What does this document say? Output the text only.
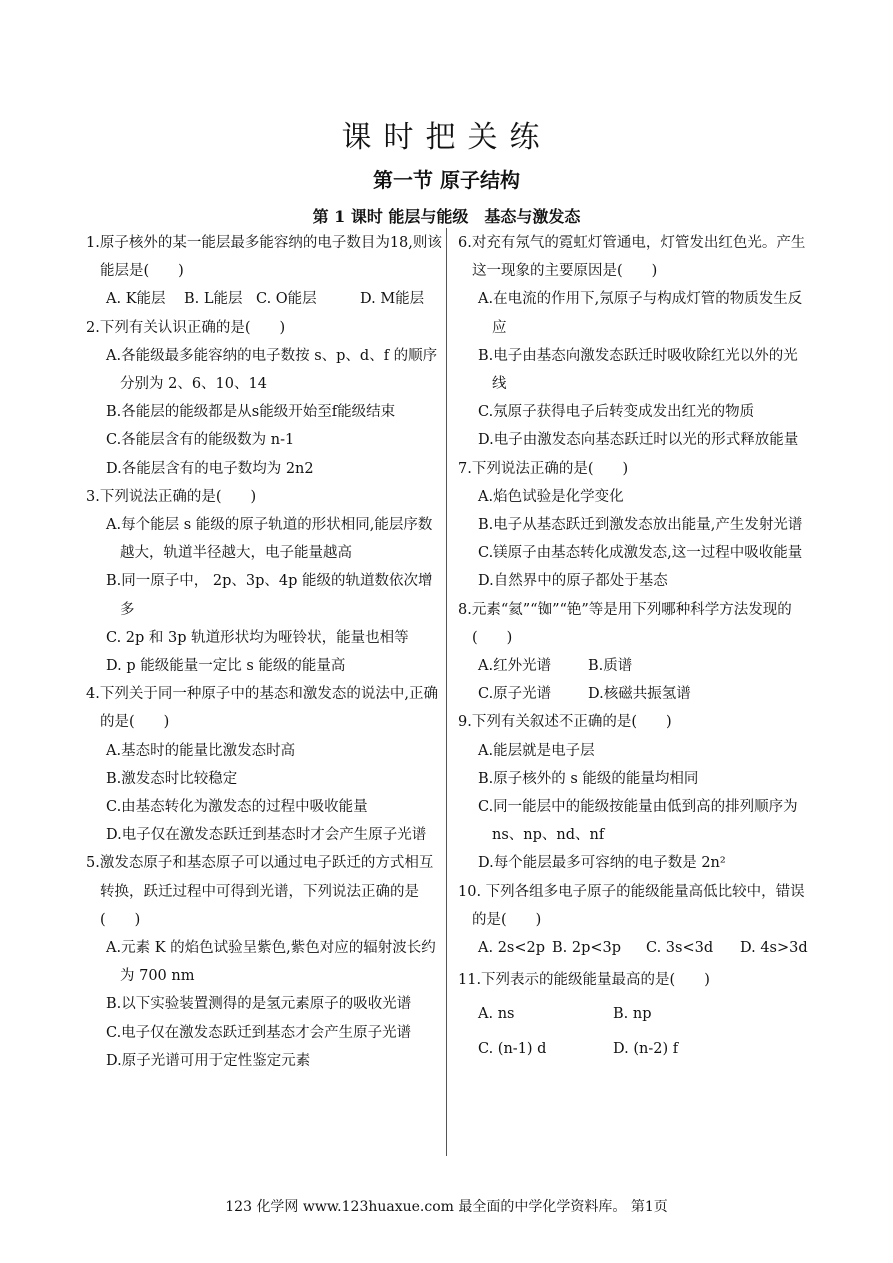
课时把关练
第一节 原子结构
第 1 课时 能层与能级　基态与激发态
1.原子核外的某一能层最多能容纳的电子数目为18,则该能层是(　　)
A. K能层	B. L能层 C. O能层	D. M能层
2.下列有关认识正确的是(　　)
A.各能级最多能容纳的电子数按 s、p、d、f 的顺序分别为 2、6、10、14
B.各能层的能级都是从s能级开始至f能级结束
C.各能层含有的能级数为 n-1
D.各能层含有的电子数均为 2n2
3.下列说法正确的是(　　)
A.每个能层 s 能级的原子轨道的形状相同,能层序数越大，轨道半径越大，电子能量越高
B.同一原子中， 2p、3p、4p 能级的轨道数依次增多
C. 2p 和 3p 轨道形状均为哑铃状，能量也相等
D. p 能级能量一定比 s 能级的能量高
4.下列关于同一种原子中的基态和激发态的说法中,正确的是(　　)
A.基态时的能量比激发态时高
B.激发态时比较稳定
C.由基态转化为激发态的过程中吸收能量
D.电子仅在激发态跃迁到基态时才会产生原子光谱
5.激发态原子和基态原子可以通过电子跃迁的方式相互转换，跃迁过程中可得到光谱，下列说法正确的是(　　)
A.元素 K 的焰色试验呈紫色,紫色对应的辐射波长约为 700 nm
B.以下实验装置测得的是氢元素原子的吸收光谱
C.电子仅在激发态跃迁到基态才会产生原子光谱
D.原子光谱可用于定性鉴定元素
6.对充有氖气的霓虹灯管通电，灯管发出红色光。产生这一现象的主要原因是(　　)
A.在电流的作用下,氖原子与构成灯管的物质发生反应
B.电子由基态向激发态跃迁时吸收除红光以外的光线
C.氖原子获得电子后转变成发出红光的物质
D.电子由激发态向基态跃迁时以光的形式释放能量
7.下列说法正确的是(　　)
A.焰色试验是化学变化
B.电子从基态跃迁到激发态放出能量,产生发射光谱
C.镁原子由基态转化成激发态,这一过程中吸收能量
D.自然界中的原子都处于基态
8.元素“氦”“铷”“铯”等是用下列哪种科学方法发现的(　　)
A.红外光谱	B.质谱
C.原子光谱	D.核磁共振氢谱
9.下列有关叙述不正确的是(　　)
A.能层就是电子层
B.原子核外的 s 能级的能量均相同
C.同一能层中的能级按能量由低到高的排列顺序为 ns、np、nd、nf
D.每个能层最多可容纳的电子数是 2n²
10. 下列各组多电子原子的能级能量高低比较中，错误的是(　　)
A. 2s<2p B. 2p<3p	C. 3s<3d	D. 4s>3d
11.下列表示的能级能量最高的是(　　)
A. ns	B. np
C. (n-1) d	D. (n-2) f
123 化学网 www.123huaxue.com 最全面的中学化学资料库。 第1页
